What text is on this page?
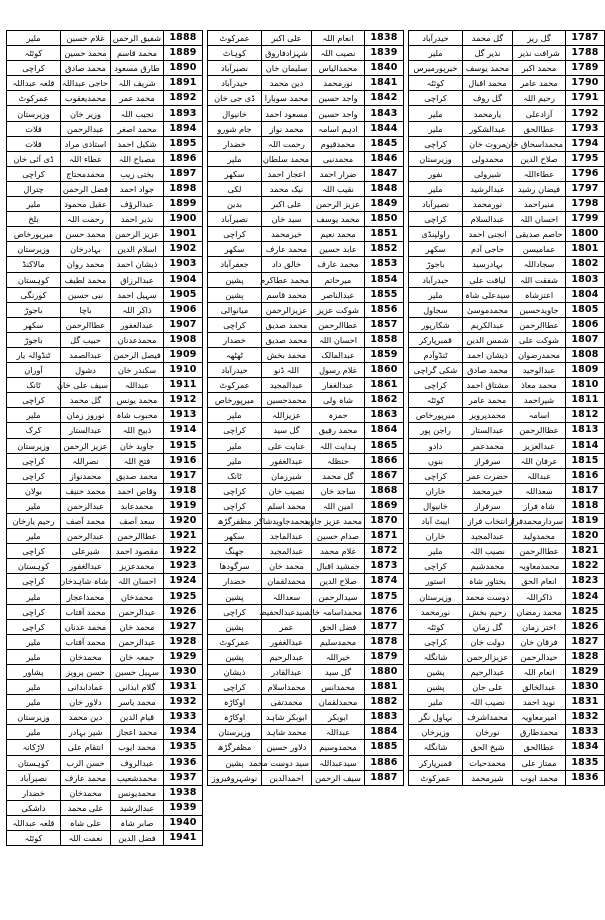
ملیر	غلام حسین	شفیق الرحمن	1888
کوئٹہ	محمد حسین	محمد قاسم	1889
کراچی	محمد صادق	طارق مسعود	1890
قلعہ عبداللہ	حاجی عبداللہ	شریف اللہ	1891
عمرکوٹ	محمدیعقوب	محمد عمر	1892
وزیرستان	وزیر خان	نجیب اللہ	1893
قلات	عبدالرحمن	محمد اصغر	1894
قلات	استاذی مراد	شکیل احمد	1895
ڈی آئی خان	عطاء اللہ	مصباح اللہ	1896
کراچی	محمدمحتاج	بختی زیب	1897
چترال	فضل الرحمن	جواد احمد	1898
ملیر	عقیل محمود	عبدالرؤف	1899
بلخ	رحمت اللہ	نذیر احمد	1900
میرپورخاص	محمد حسن	عزیز الرحمن	1901
وزیرستان	بہادرخان	اسلام الدین	1902
مالاکنڈ	محمد روان	ذیشان احمد	1903
کوہستان	محمد لطیف	عبدالرزاق	1904
کورنگی	نبی حسین	سہیل احمد	1905
باجوڑ	باچا	ذاکر اللہ	1906
سکھر	عطاالرحمن	عبدالغفور	1907
باجوڑ	حبیب گل	محمدعدنان	1908
ٹنڈوالہ یار	عبدالصمد	فیصل الرحمن	1909
آوران	دشول	سکندر خان	1910
ٹانک	سیف علی خان	عبداللہ	1911
کراچی	گل محمد	محمد یونس	1912
ملیر	نوروز زمان	محبوب شاہ	1913
کرک	عبدالستار	ذبیح اللہ	1914
وزیرستان	عزیز الرحمن	جاوید خان	1915
کراچی	نصراللہ	فتح اللہ	1916
کراچی	محمدنواز	محمد صدیق	1917
بولان	محمد حنیف	وقاص احمد	1918
ملیر	عبدالرحمن	محمدعابد	1919
رحیم یارخان	محمد آصف	سعد آصف	1920
ملیر	عبدالرحمن	عطاالرحمن	1921
کراچی	شیرعلی	مقصود احمد	1922
کوہستان	عبدالغفور	محمدعزیز	1923
کراچی	شاہ شاہدخان	احسان اللہ	1924
ملیر	محمداعجاز	محمدخان	1925
کراچی	محمد آفتاب	عبدالرحمن	1926
کراچی	محمد عدنان	محمد خان	1927
ملیر	محمد آفتاب	عبدالرحمن	1928
ملیر	محمدخان	جمعہ خان	1929
پشاور	حسن پرویز	سہیل حسین	1930
ملیر	عمادابدانی	گلام ابدانی	1931
ملیر	دلاور خان	محمد یاسر	1932
وزیرستان	دین محمد	قیام الدین	1933
ملیر	شیر بہادر	محمد اعجاز	1934
لاڑکانہ	انتقام علی	محمد ایوب	1935
کوہستان	حسن الرب	عبدالروف	1936
نصیرآباد	محمد عارف	محمدشعیب	1937
خضدار	محمدخان	محمدیونس	1938
داشکی	علی محمد	عبدالرشید	1939
قلعہ عبداللہ	علی شاہ	صابر شاہ	1940
کوئٹہ	نعمت اللہ	فضل الدین	1941
عمرکوٹ	علی اکبر	انعام اللہ	1838
کوہاٹ	شہزادفاروق	نصیب اللہ	1839
نصیرآباد	سلیمان خان	محمدالیاس	1840
حیدرآباد	دین محمد	نورمحمد	1841
ڈی جی خان	محمد سوبارا	واجد حسین	1842
خانیوال	مسعود احمد	واحد حسین	1843
جام شورو	محمد نواز	ادہم اسامہ	1844
خضدار	رحمت اللہ	محمدقیوم	1845
ملیر	محمد سلطان	محمدنبی	1846
سکھر	اعجاز احمد	ضرار احمد	1847
لکی	نیک محمد	نقیب اللہ	1848
بدین	علی اکبر	عزیز الرحمن	1849
نصیرآباد	سید خان	محمد یوسف	1850
کراچی	خیرمحمد	محمد نعیم	1851
سکھر	محمد عارف	عابد حسین	1852
جعفرآباد	خالق داد	محمد عارف	1853
پشین	محمد عطاکرم	میرحاتم	1854
پشین	محمد قاسم	عبدالناصر	1855
میانوالی	عزیزالرحمن	شوکت عزیز	1856
کراچی	محمد صدیق	عطاالرحمن	1857
خضدار	محمد صدیق	احسان اللہ	1858
ٹھٹھہ	محمد بخش	عبدالمالک	1859
حیدرآباد	اللہ ڈنو	غلام رسول	1860
عمرکوٹ	عبدالمجید	عبدالغفار	1861
میرپورخاص	محمدحسین	شاہ ولی	1862
ملیر	عزیزاللہ	حمزہ	1863
کراچی	گل سید	محمد رفیق	1864
ملیر	عنایت علی	ہدایت اللہ	1865
ملیر	عبدالغفور	حنظلہ	1866
ٹانک	شیرزمان	گل محمد	1867
کراچی	نصیب خان	ساجد خان	1868
کراچی	محمد اسلم	امین اللہ	1869
مظفرگڑھ	محمدجاویدشاکر	محمد عزیز جاوید	1870
سکھر	عبدالماجد	صدام حسین	1871
جھنگ	عبدالمجید	غلام محمد	1872
سرگودھا	محمد خان	جمشید اقبال	1873
خضدار	محمدلقمان	صلاح الدین	1874
پشین	سعداللہ	سیدالرحمن	1875
کراچی	سیدعبدالحفیظ	محمداسامہ خالد	1876
پشین	عمر	فضل الحق	1877
عمرکوٹ	عبدالغفور	محمدسلیم	1878
پشین	عبدالرحیم	خیراللہ	1879
ذیشان	عبدالقادر	گل سید	1880
کراچی	محمداسلام	محمدانس	1881
اوکاڑہ	محمدتقی	محمدلقمان	1882
اوکاڑہ	ابوبکر شاہد	ابوبکر	1883
وزیرستان	محمد شاہد	عبداللہ	1884
مظفرگڑھ	دلاور حسین	محمدوسیم	1885
پشین	سید دوست محمد	سیدعبداللہ	1886
نوشہروفیروز	احمدالدین	سیف الرحمن	1887
حیدرآباد	گل محمد	گل ریز	1787
ملیر	نذیر گل	شرافت نذیر	1788
خیرپورمیرس	محمد یوسف	محمد اکبر	1789
کوئٹہ	محمد اقبال	محمد عامر	1790
کراچی	گل روف	رحیم اللہ	1791
ملیر	یارمحمد	آزادعلی	1792
ملیر	عبدالشکور	عطاالحق	1793
کراچی	مروت خان	محمداسحاق خان	1794
وزیرستان	محمدولی	صلاح الدین	1795
نفور	شیرولی	عطاءاللہ	1796
ملیر	عبدالرشید	فیضان رشید	1797
نصیرآباد	نورمحمد	منیراحمد	1798
کراچی	عبدالسلام	احسان اللہ	1799
راولپنڈی	انجنی احمد	حاصم صدیقی	1800
سکھر	حاجی آدم	عمامیسن	1801
باجوڑ	بہادرسید	سجاداللہ	1802
حیدرآباد	لیاقت علی	شفقت اللہ	1803
ملیر	سیدعلی شاہ	اعتزشاہ	1804
سجاول	محمدموسیٰ	جاویدحسین	1805
شکارپور	عبدالکریم	عطاالرحمن	1806
قمبرپارکر	شمس الدین	شوکت علی	1807
ٹنڈوآدم	ذیشان احمد	محمدرضوان	1808
شکی گراچی	محمد صادق	عبدالوحید	1809
کراچی	مشتاق احمد	محمد معاذ	1810
کوئٹہ	محمد عامر	شیراحمد	1811
میرپورخاص	محمدپرویز	اسامہ	1812
راجن پور	عبدالستار	عطاالرحمن	1813
دادو	محمدعمر	عبدالعزیز	1814
بنوں	سرفراز	عرفان اللہ	1815
کراچی	حضرت عمر	عبداللہ	1816
خاران	خیرمحمد	سعداللہ	1817
خانیوال	سرفراز	شاہ فراز	1818
ایبٹ آباد	انتخاب فراز	سردارمحمدفراز	1819
خاران	عبدالمجید	محمدولید	1820
ملیر	نصیب اللہ	عطاالرحمن	1821
کراچی	محمدشیم	محمدمعاویہ	1822
استور	بختاور شاہ	انعام الحق	1823
وزیرستان	دوست محمد	ذاکراللہ	1824
نورمحمد	رحیم بخش	محمد رمضان	1825
کوئٹہ	گل زمان	اختر زمان	1826
کراچی	دولت خان	فرقان خان	1827
شانگلہ	عزیزالرحمن	حیدالرحمن	1828
پشین	عبدالرحیم	انعام اللہ	1829
پشین	علی جان	عبدالخالق	1830
ملیر	نصیب اللہ	نوید احمد	1831
بہاول نگر	محمداشرف	امیرمعاویہ	1832
وزیرخان	نورخان	محمدطارق	1833
شانگلہ	شیخ الحق	عطاالحق	1834
قمبرپارکر	محمدحیات	ممتاز علی	1835
عمرکوٹ	شیرمحمد	محمد ایوب	1836
